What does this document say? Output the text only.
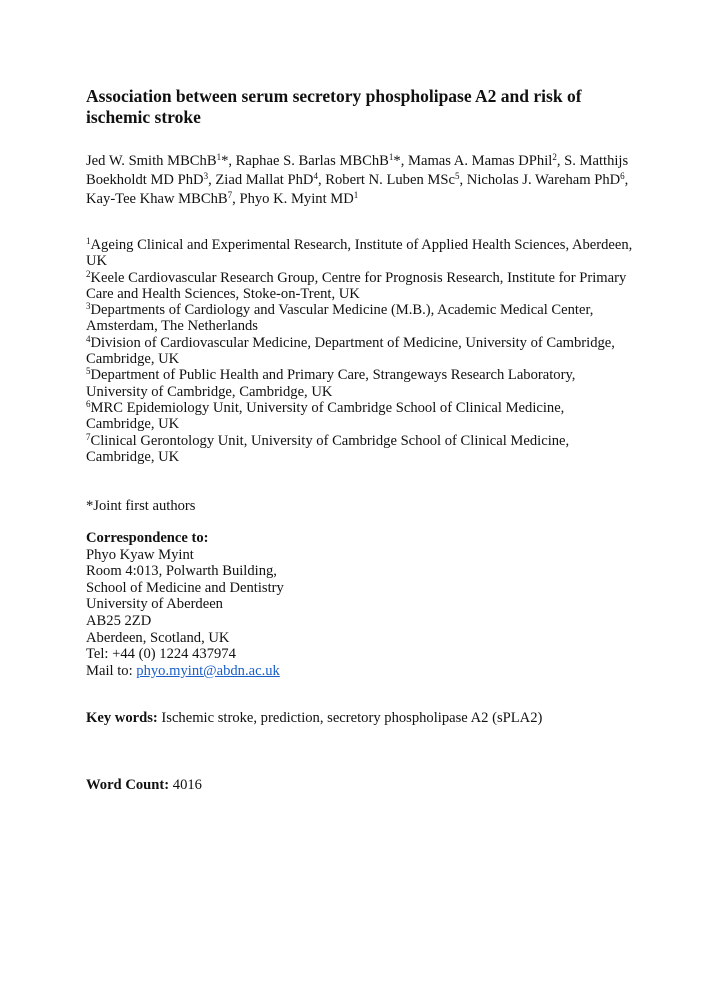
Association between serum secretory phospholipase A2 and risk of
ischemic stroke
Jed W. Smith MBChB$^1$*, Raphae S. Barlas MBChB$^1$*, Mamas A. Mamas DPhil$^2$, S. Matthijs
Boekholdt MD PhD$^3$, Ziad Mallat PhD$^4$, Robert N. Luben MSc$^5$, Nicholas J. Wareham PhD$^6$,
Kay-Tee Khaw MBChB$^7$, Phyo K. Myint $MD^1$
$^1$Ageing Clinical and Experimental Research, Institute of Applied Health Sciences, Aberdeen,
UK
$^2$Keele Cardiovascular Research Group, Centre for Prognosis Research, Institute for Primary
Care and Health Sciences, Stoke-on-Trent, UK
$^3$Departments of Cardiology and Vascular Medicine (M.B.), Academic Medical Center,
Amsterdam, The Netherlands
$^4$Division of Cardiovascular Medicine, Department of Medicine, University of Cambridge,
Cambridge, UK
$^5$Department of Public Health and Primary Care, Strangeways Research Laboratory,
University of Cambridge, Cambridge, UK
$^6$MRC Epidemiology Unit, University of Cambridge School of Clinical Medicine,
Cambridge, UK
$^7$Clinical Gerontology Unit, University of Cambridge School of Clinical Medicine,
Cambridge, UK
*Joint first authors
Correspondence to:
Phyo Kyaw Myint
Room 4:013, Polwarth Building,
School of Medicine and Dentistry
University of Aberdeen
AB25 2ZD
Aberdeen, Scotland, UK
Tel: +44 (0) 1224 437974
Mail to: phyo.myint@abdn.ac.uk
Key words: Ischemic stroke, prediction, secretory phospholipase A2 (sPLA2)
Word Count: 4016
